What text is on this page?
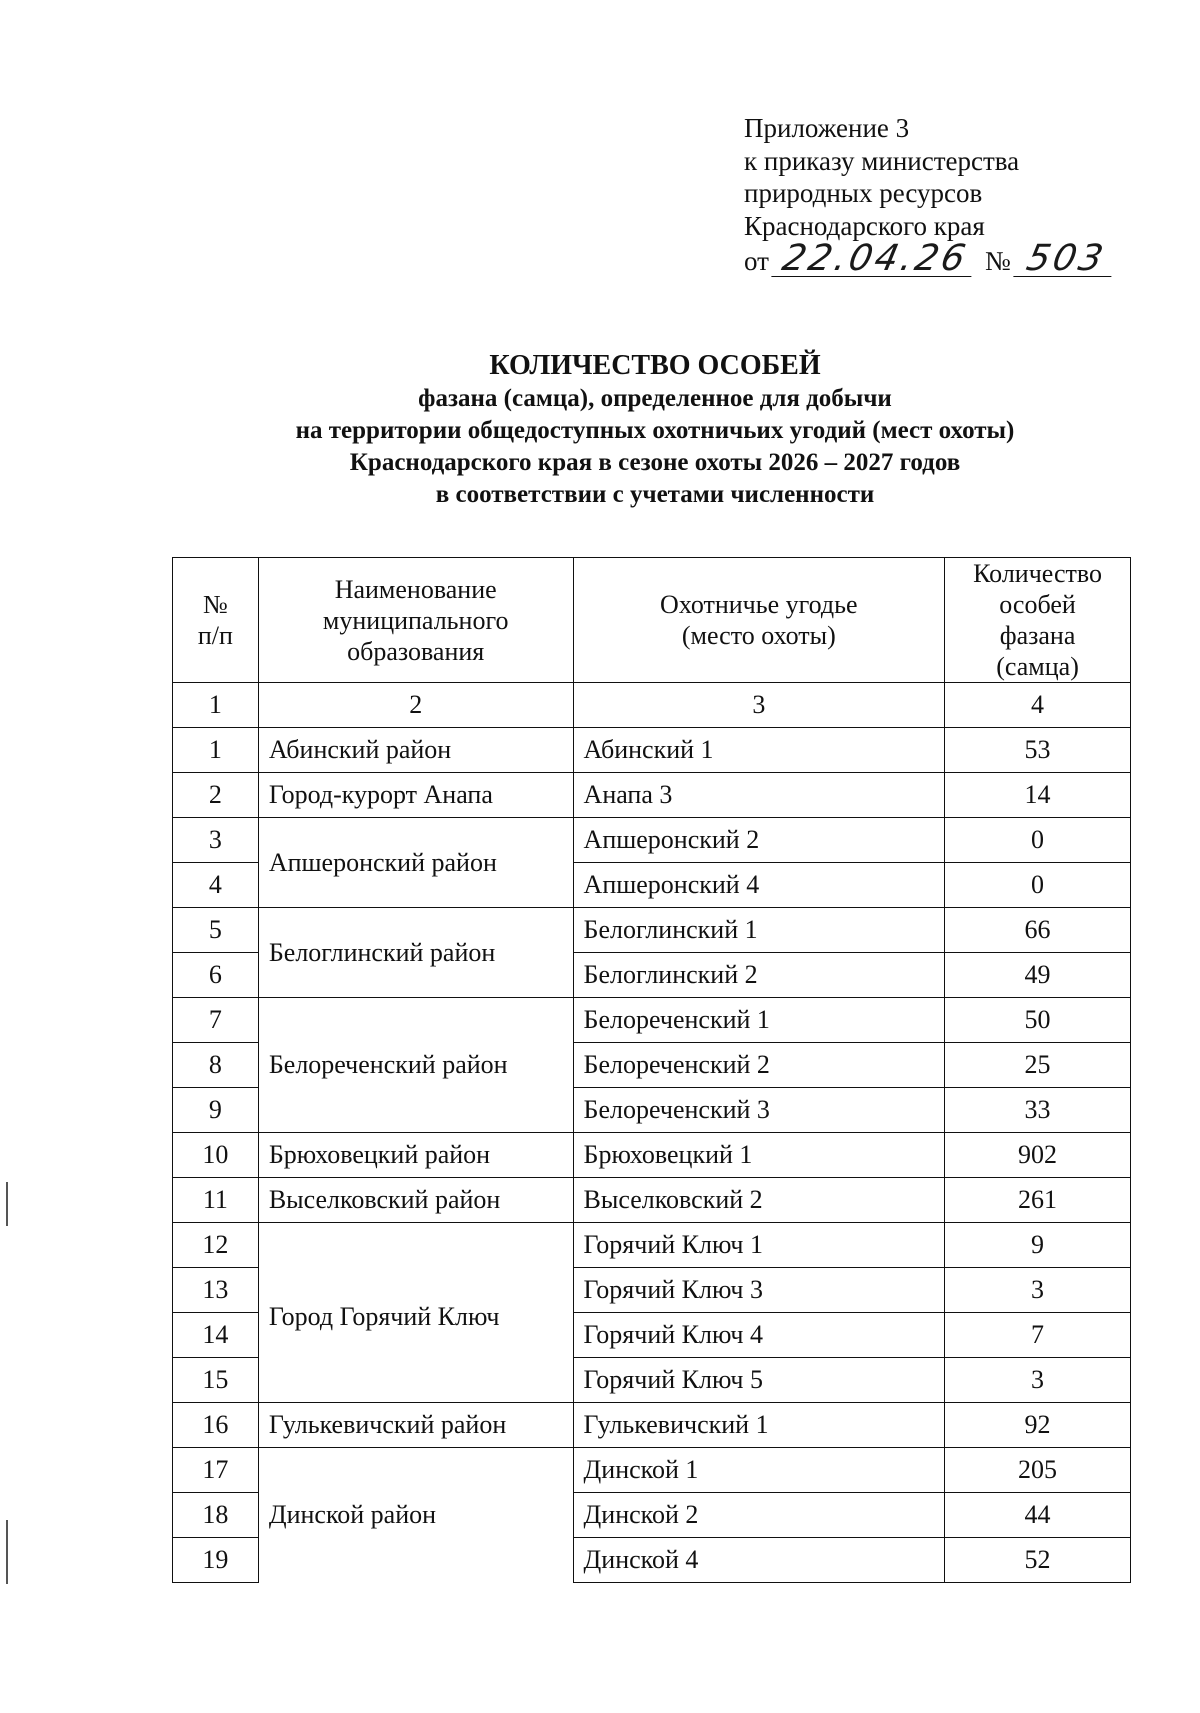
Приложение 3
к приказу министерства
природных ресурсов
Краснодарского края
от 22.04.26 № 503
КОЛИЧЕСТВО ОСОБЕЙ
фазана (самца), определенное для добычи
на территории общедоступных охотничьих угодий (мест охоты)
Краснодарского края в сезоне охоты 2026 – 2027 годов
в соответствии с учетами численности
№ п/п	Наименование муниципального образования	Охотничье угодье (место охоты)	Количество особей фазана (самца)

1	2	3	4
1	Абинский район	Абинский 1	53
2	Город-курорт Анапа	Анапа 3	14
3	Апшеронский район	Апшеронский 2	0
4		Апшеронский 4	0
5	Белоглинский район	Белоглинский 1	66
6		Белоглинский 2	49
7	Белореченский район	Белореченский 1	50
8		Белореченский 2	25
9		Белореченский 3	33
10	Брюховецкий район	Брюховецкий 1	902
11	Выселковский район	Выселковский 2	261
12	Город Горячий Ключ	Горячий Ключ 1	9
13		Горячий Ключ 3	3
14		Горячий Ключ 4	7
15		Горячий Ключ 5	3
16	Гулькевичский район	Гулькевичский 1	92
17	Динской район	Динской 1	205
18		Динской 2	44
19		Динской 4	52
